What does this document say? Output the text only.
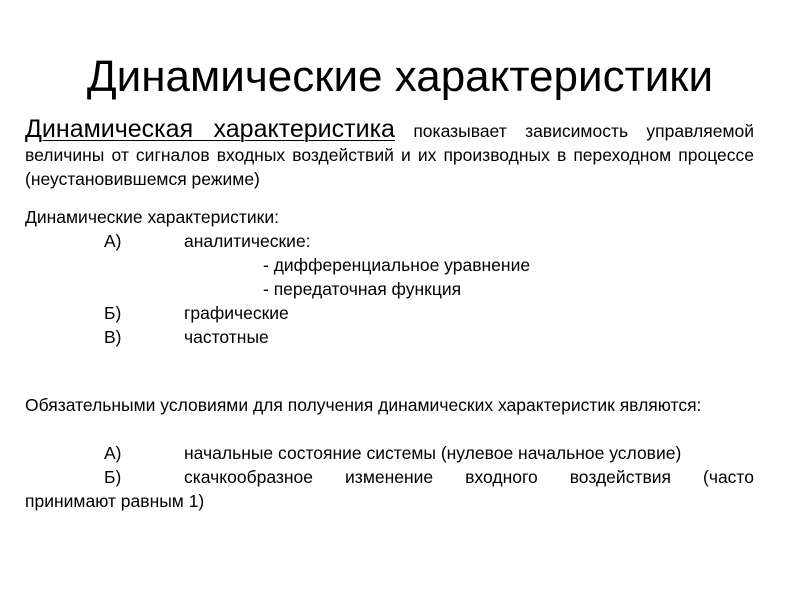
Динамические характеристики
Динамическая характеристика показывает зависимость управляемой величины от сигналов входных воздействий и их производных в переходном процессе (неустановившемся режиме)
Динамические характеристики:
А)	аналитические:
- дифференциальное уравнение
- передаточная функция
Б)	графические
В)	частотные
Обязательными условиями для получения динамических характеристик являются:
А)	начальные состояние системы (нулевое начальное условие)
Б)	скачкообразное изменение входного воздействия (часто
принимают равным 1)
